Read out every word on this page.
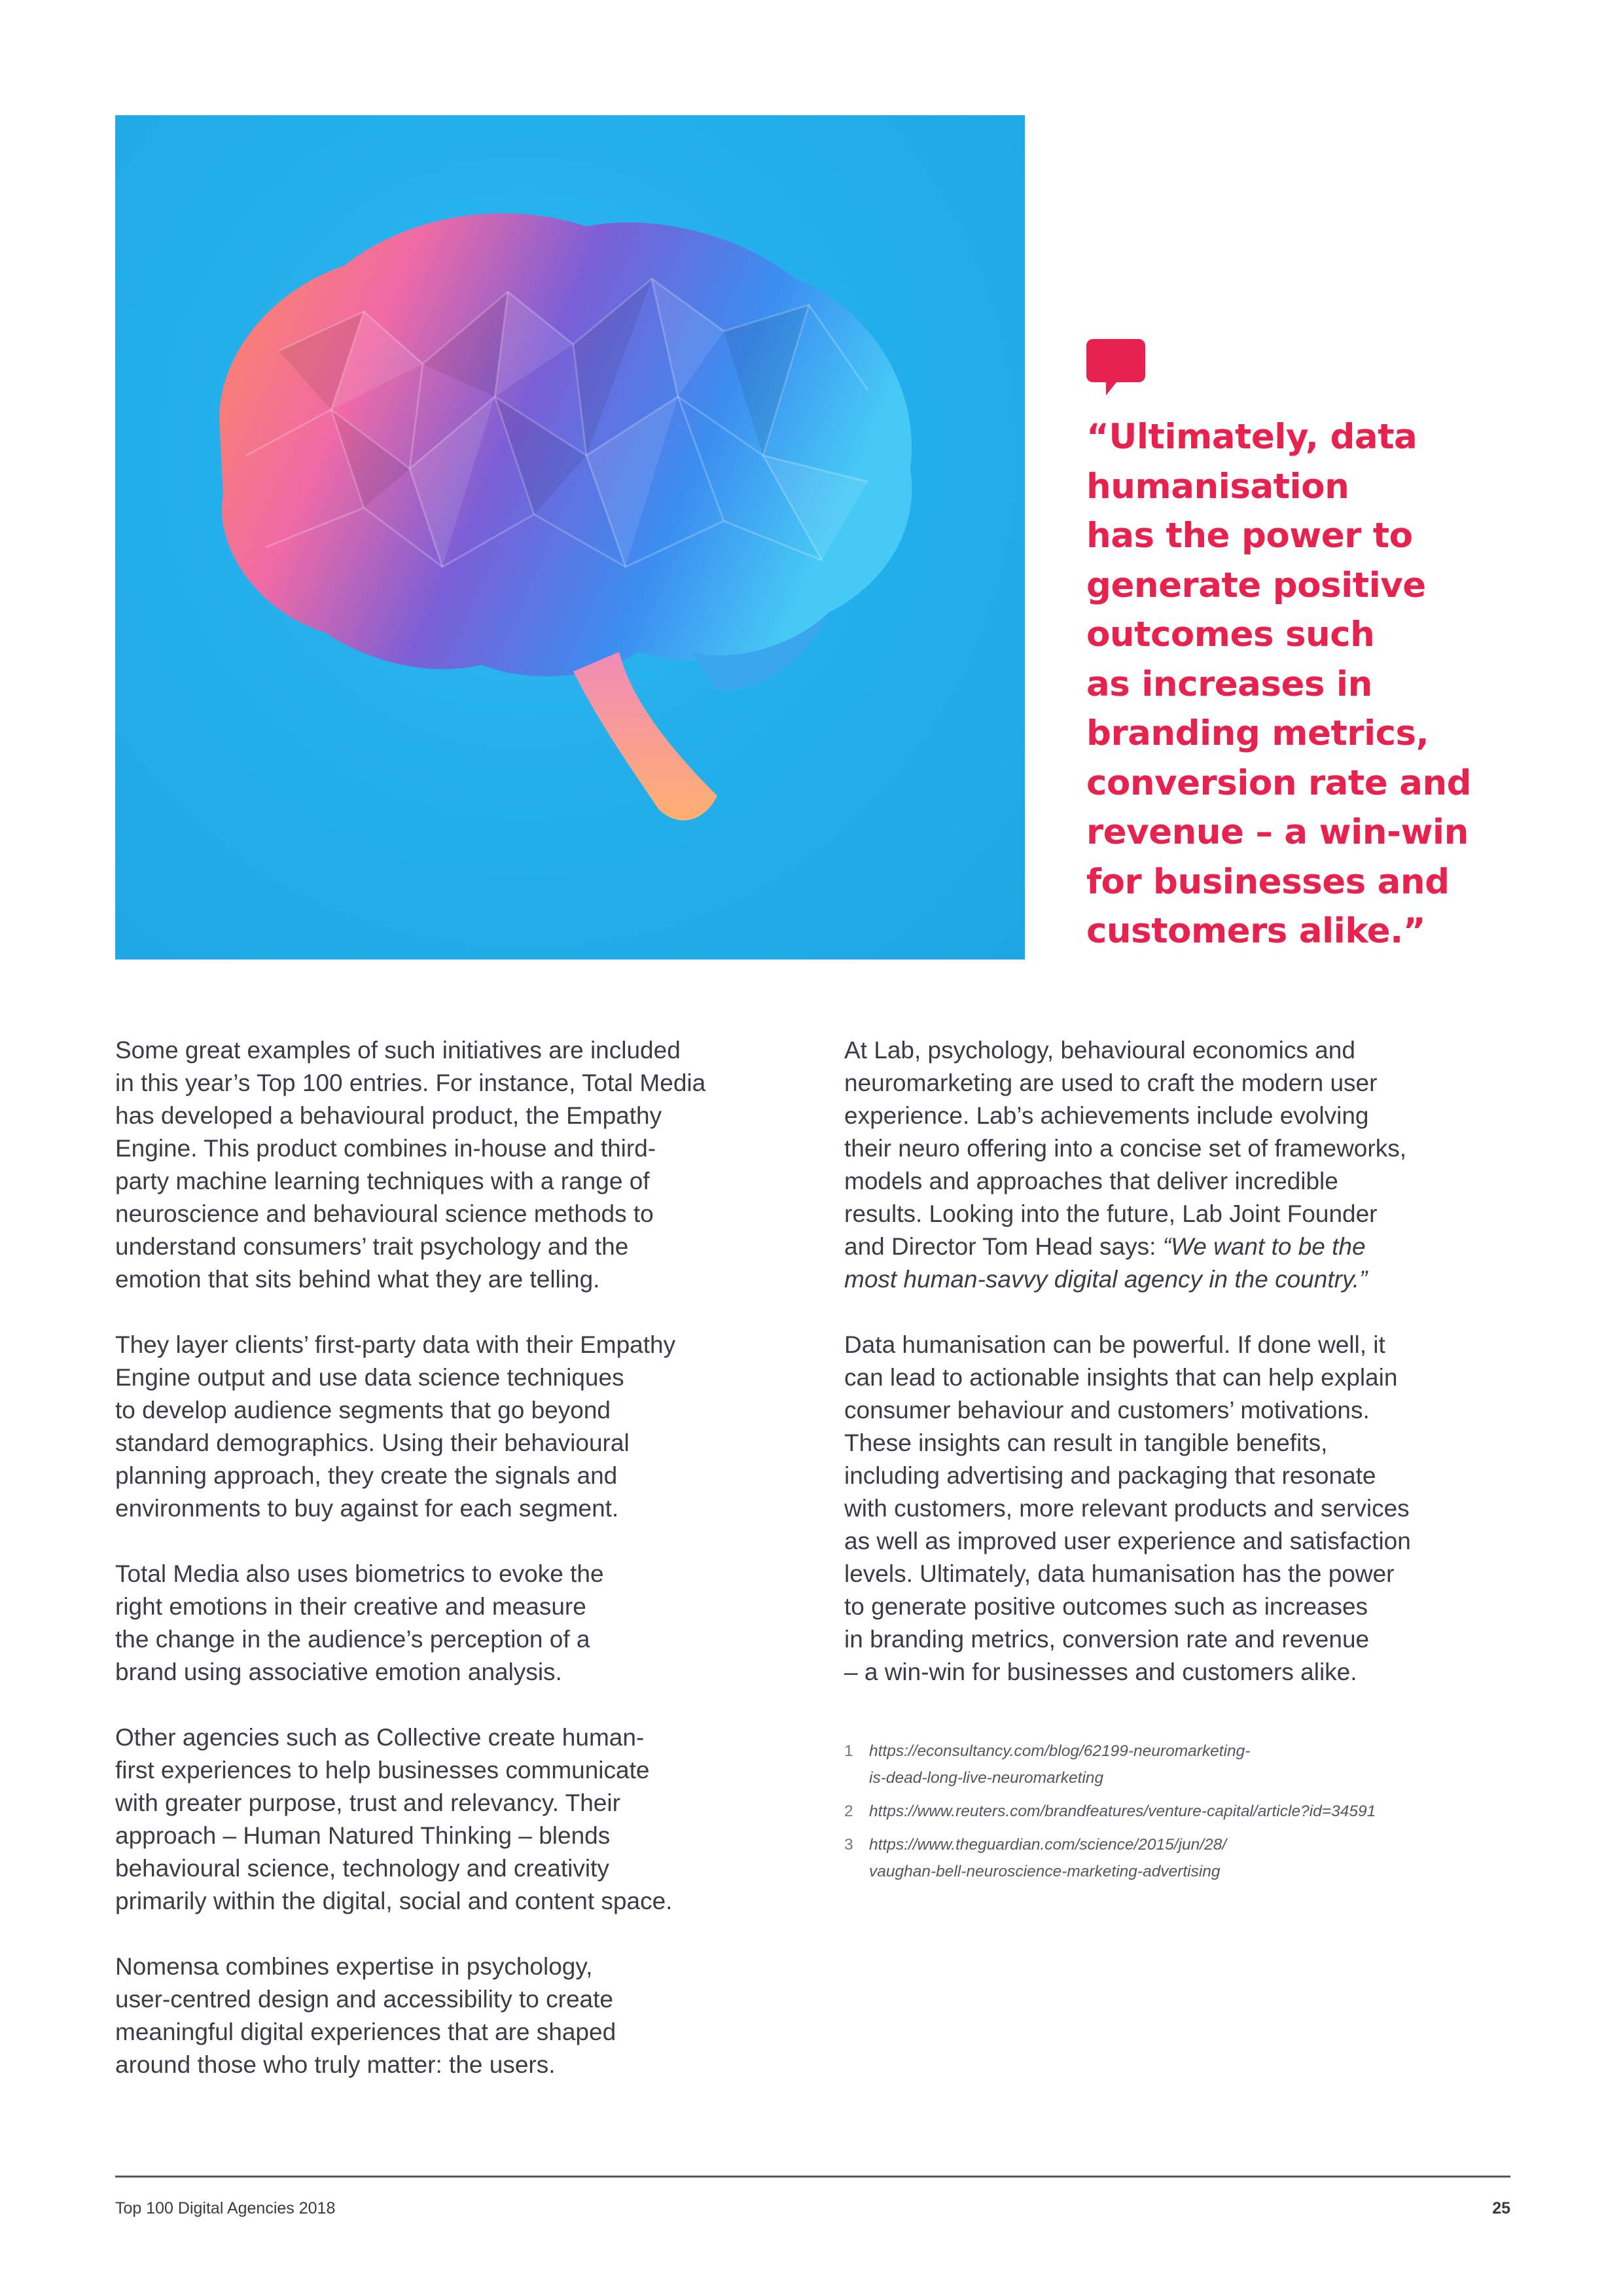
“Ultimately, data
humanisation
has the power to
generate positive
outcomes such
as increases in
branding metrics,
conversion rate and
revenue – a win-win
for businesses and
customers alike.”
Some great examples of such initiatives are included
in this year’s Top 100 entries. For instance, Total Media
has developed a behavioural product, the Empathy
Engine. This product combines in-house and third-
party machine learning techniques with a range of
neuroscience and behavioural science methods to
understand consumers’ trait psychology and the
emotion that sits behind what they are telling.
They layer clients’ first-party data with their Empathy
Engine output and use data science techniques
to develop audience segments that go beyond
standard demographics. Using their behavioural
planning approach, they create the signals and
environments to buy against for each segment.
Total Media also uses biometrics to evoke the
right emotions in their creative and measure
the change in the audience’s perception of a
brand using associative emotion analysis.
Other agencies such as Collective create human-
first experiences to help businesses communicate
with greater purpose, trust and relevancy. Their
approach – Human Natured Thinking – blends
behavioural science, technology and creativity
primarily within the digital, social and content space.
Nomensa combines expertise in psychology,
user-centred design and accessibility to create
meaningful digital experiences that are shaped
around those who truly matter: the users.
At Lab, psychology, behavioural economics and
neuromarketing are used to craft the modern user
experience. Lab’s achievements include evolving
their neuro offering into a concise set of frameworks,
models and approaches that deliver incredible
results. Looking into the future, Lab Joint Founder
and Director Tom Head says: “We want to be the
most human-savvy digital agency in the country.”
Data humanisation can be powerful. If done well, it
can lead to actionable insights that can help explain
consumer behaviour and customers’ motivations.
These insights can result in tangible benefits,
including advertising and packaging that resonate
with customers, more relevant products and services
as well as improved user experience and satisfaction
levels. Ultimately, data humanisation has the power
to generate positive outcomes such as increases
in branding metrics, conversion rate and revenue
– a win-win for businesses and customers alike.
1 https://econsultancy.com/blog/62199-neuromarketing-
is-dead-long-live-neuromarketing
2 https://www.reuters.com/brandfeatures/venture-capital/article?id=34591
3 https://www.theguardian.com/science/2015/jun/28/
vaughan-bell-neuroscience-marketing-advertising
Top 100 Digital Agencies 2018	25
